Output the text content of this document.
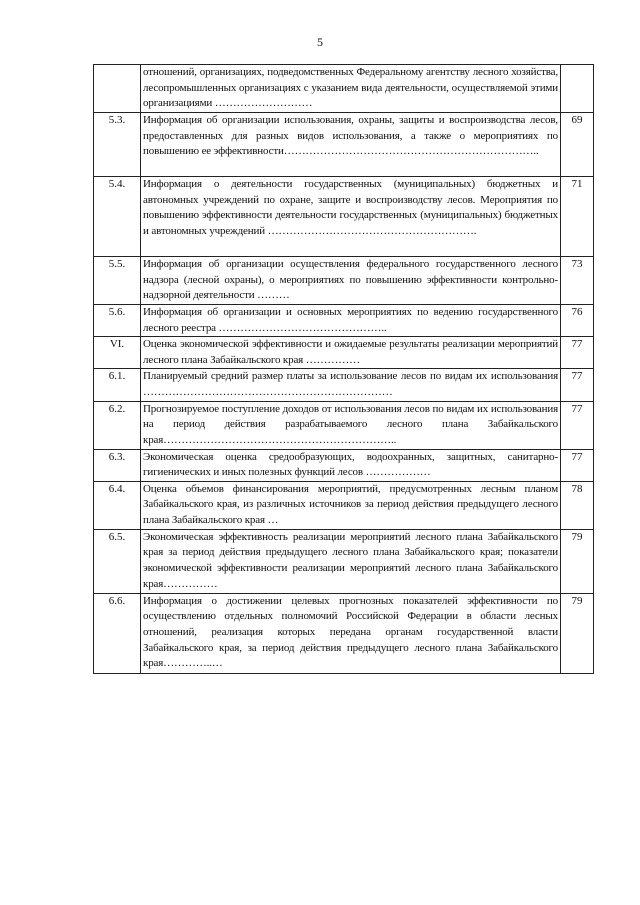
5
	отношений, организациях, подведомственных Федеральному агентству лесного хозяйства, лесопромышленных организациях с указанием вида деятельности, осуществляемой этими организациями ………………………	
5.3.	Информация об организации использования, охраны, защиты и воспроизводства лесов, предоставленных для разных видов использования, а также о мероприятиях по повышению ее эффективности……………………………………………………………..	69
5.4.	Информация о деятельности государственных (муниципальных) бюджетных и автономных учреждений по охране, защите и воспроизводству лесов. Мероприятия по повышению эффективности деятельности государственных (муниципальных) бюджетных и автономных учреждений ………………………………………………….	71
5.5.	Информация об организации осуществления федерального государственного лесного надзора (лесной охраны), о мероприятиях по повышению эффективности контрольно-надзорной деятельности ………	73
5.6.	Информация об организации и основных мероприятиях по ведению государственного лесного реестра ………………………………………..	76
VI.	Оценка экономической эффективности и ожидаемые результаты реализации мероприятий лесного плана Забайкальского края ……………	77
6.1.	Планируемый средний размер платы за использование лесов по видам их использования ……………………………………………………………	77
6.2.	Прогнозируемое поступление доходов от использования лесов по видам их использования на период действия разрабатываемого лесного плана Забайкальского края………………………………………………………..	77
6.3.	Экономическая оценка средообразующих, водоохранных, защитных, санитарно-гигиенических и иных полезных функций лесов ………………	77
6.4.	Оценка объемов финансирования мероприятий, предусмотренных лесным планом Забайкальского края, из различных источников за период действия предыдущего лесного плана Забайкальского края …	78
6.5.	Экономическая эффективность реализации мероприятий лесного плана Забайкальского края за период действия предыдущего лесного плана Забайкальского края; показатели экономической эффективности реализации мероприятий лесного плана Забайкальского края……………	79
6.6.	Информация о достижении целевых прогнозных показателей эффективности по осуществлению отдельных полномочий Российской Федерации в области лесных отношений, реализация которых передана органам государственной власти Забайкальского края, за период действия предыдущего лесного плана Забайкальского края…………..…	79
